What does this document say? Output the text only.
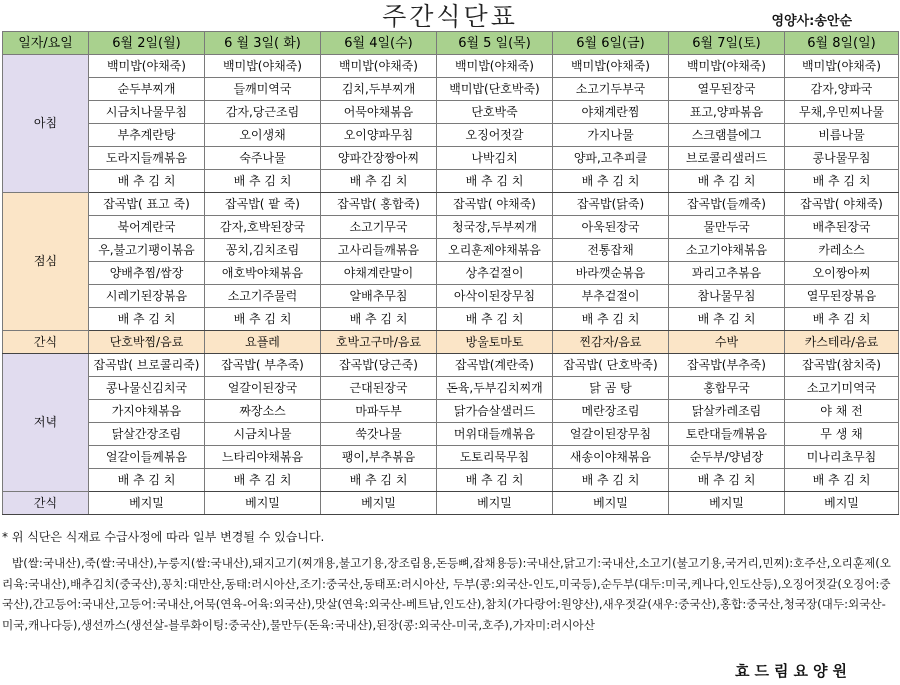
주간식단표	영양사:송안순
일자/요일	6월 2일(월)	6 월 3일( 화)	6월 4일(수)	6월 5 일(목)	6월 6일(금)	6월 7일(토)	6월 8일(일)
아침	백미밥(야채죽)	백미밥(야채죽)	백미밥(야채죽)	백미밥(야채죽)	백미밥(야채죽)	백미밥(야채죽)	백미밥(야채죽)
	순두부찌개	들깨미역국	김치,두부찌개	백미밥(단호박죽)	소고기두부국	열무된장국	감자,양파국
	시금치나물무침	감자,당근조림	어묵야채볶음	단호박죽	야채계란찜	표고,양파볶음	무채,우민찌나물
	부추계란탕	오이생채	오이양파무침	오징어젓갈	가지나물	스크램블에그	비름나물
	도라지들깨볶음	숙주나물	양파간장짱아찌	나박김치	양파,고추피클	브로콜리샐러드	콩나물무침
	배 추 김 치	배 추 김 치	배 추 김 치	배 추 김 치	배 추 김 치	배 추 김 치	배 추 김 치
점심	잡곡밥( 표고 죽)	잡곡밥( 팥 죽)	잡곡밥( 홍합죽)	잡곡밥( 야채죽)	잡곡밥(닭죽)	잡곡밥(들깨죽)	잡곡밥( 야채죽)
	북어계란국	감자,호박된장국	소고기무국	청국장,두부찌개	아욱된장국	물만두국	배추된장국
	우,불고기팽이볶음	꽁치,김치조림	고사리들깨볶음	오리훈제야채볶음	전통잡채	소고기야채볶음	카레소스
	양배추찜/쌈장	애호박야채볶음	야채계란말이	상추겉절이	바라깻순볶음	꽈리고추볶음	오이짱아찌
	시레기된장볶음	소고기주물럭	알배추무침	아삭이된장무침	부추겉절이	참나물무침	열무된장볶음
	배 추 김 치	배 추 김 치	배 추 김 치	배 추 김 치	배 추 김 치	배 추 김 치	배 추 김 치
간식	단호박찜/음료	요플레	호박고구마/음료	방울토마토	찐감자/음료	수박	카스테라/음료
저녁	잡곡밥( 브로콜리죽)	잡곡밥( 부추죽)	잡곡밥(당근죽)	잡곡밥(계란죽)	잡곡밥( 단호박죽)	잡곡밥(부추죽)	잡곡밥(참치죽)
	콩나물신김치국	얼갈이된장국	근대된장국	돈육,두부김치찌개	닭 곰 탕	홍합무국	소고기미역국
	가지야채볶음	짜장소스	마파두부	닭가슴살샐러드	메란장조림	닭살카레조림	야 채 전
	닭살간장조림	시금치나물	쑥갓나물	머위대들깨볶음	얼갈이된장무침	토란대들깨볶음	무 생 채
	얼갈이들께볶음	느타리야채볶음	팽이,부추볶음	도토리묵무침	새송이야채볶음	순두부/양념장	미나리초무침
	배 추 김 치	배 추 김 치	배 추 김 치	배 추 김 치	배 추 김 치	배 추 김 치	배 추 김 치
간식	베지밀	베지밀	베지밀	베지밀	베지밀	베지밀	베지밀
* 위 식단은 식재료 수급사정에 따라 일부 변경될 수 있습니다.
밥(쌀:국내산),죽(쌀:국내산),누룽지(쌀:국내산),돼지고기(찌개용,불고기용,장조림용,돈등뼈,잡채용등):국내산,닭고기:국내산,소고기(불고기용,국거리,민찌):호주산,오리훈제(오리육:국내산),배추김치(중국산),꽁치:대만산,동태:러시아산,조기:중국산,동태포:러시아산, 두부(콩:외국산-인도,미국등),순두부(대두:미국,케나다,인도산등),오징어젓갈(오징어:중국산),간고등어:국내산,고등어:국내산,어묵(연육-어육:외국산),맛살(연육:외국산-베트남,인도산),참치(가다랑어:원양산),새우젓갈(새우:중국산),홍합:중국산,청국장(대두:외국산-미국,캐나다등),생선까스(생선살-블루화이팅:중국산),물만두(돈육:국내산),된장(콩:외국산-미국,호주),가자미:러시아산
효드림요양원
